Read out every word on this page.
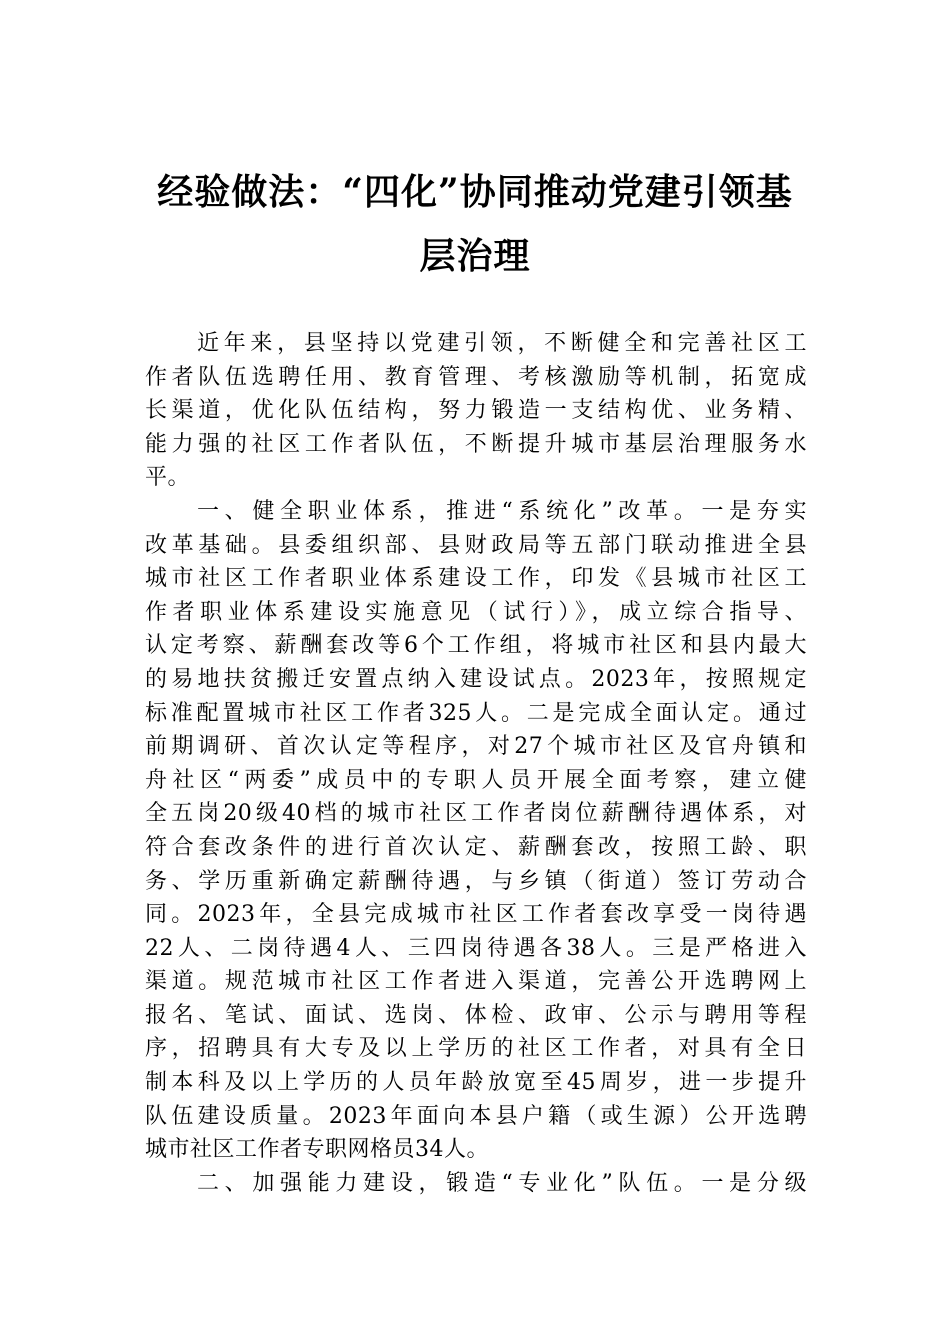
经验做法：“四化”协同推动党建引领基
层治理

近年来，县坚持以党建引领，不断健全和完善社区工
作者队伍选聘任用、教育管理、考核激励等机制，拓宽成
长渠道，优化队伍结构，努力锻造一支结构优、业务精、
能力强的社区工作者队伍，不断提升城市基层治理服务水
平。

一、健全职业体系，推进“系统化”改革。一是夯实
改革基础。县委组织部、县财政局等五部门联动推进全县
城市社区工作者职业体系建设工作，印发《县城市社区工
作者职业体系建设实施意见（试行）》，成立综合指导、
认定考察、薪酬套改等6个工作组，将城市社区和县内最大
的易地扶贫搬迁安置点纳入建设试点。2023年，按照规定
标准配置城市社区工作者325人。二是完成全面认定。通过
前期调研、首次认定等程序，对27个城市社区及官舟镇和
舟社区“两委”成员中的专职人员开展全面考察，建立健
全五岗20级40档的城市社区工作者岗位薪酬待遇体系，对
符合套改条件的进行首次认定、薪酬套改，按照工龄、职
务、学历重新确定薪酬待遇，与乡镇（街道）签订劳动合
同。2023年，全县完成城市社区工作者套改享受一岗待遇
22人、二岗待遇4人、三四岗待遇各38人。三是严格进入
渠道。规范城市社区工作者进入渠道，完善公开选聘网上
报名、笔试、面试、选岗、体检、政审、公示与聘用等程
序，招聘具有大专及以上学历的社区工作者，对具有全日
制本科及以上学历的人员年龄放宽至45周岁，进一步提升
队伍建设质量。2023年面向本县户籍（或生源）公开选聘
城市社区工作者专职网格员34人。

二、加强能力建设，锻造“专业化”队伍。一是分级
